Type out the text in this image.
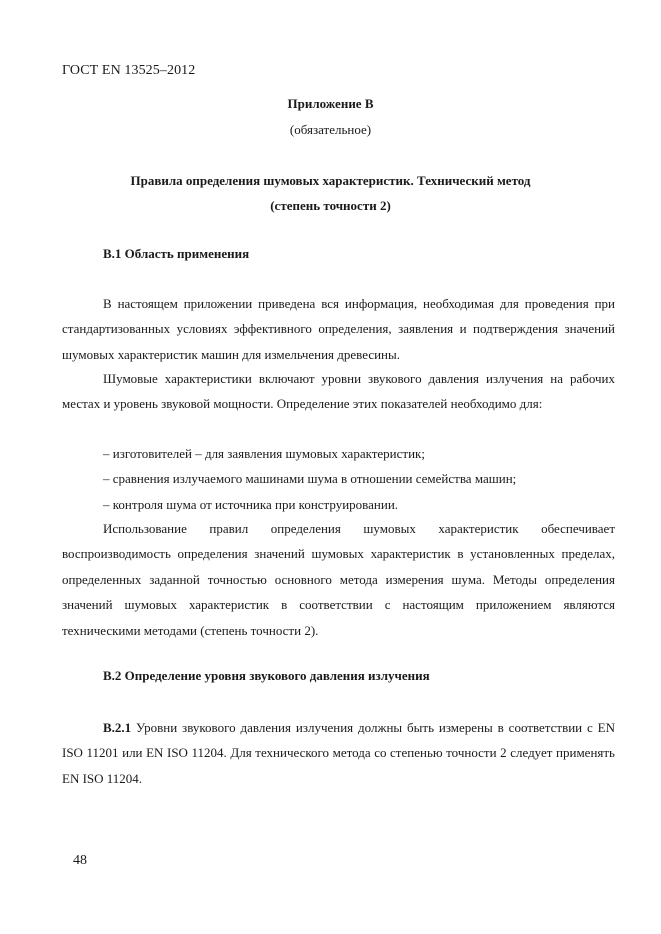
ГОСТ EN 13525–2012
Приложение В
(обязательное)
Правила определения шумовых характеристик. Технический метод
(степень точности 2)
В.1 Область применения

В настоящем приложении приведена вся информация, необходимая для проведения при стандартизованных условиях эффективного определения, заявления и подтверждения значений шумовых характеристик машин для измельчения древесины.

Шумовые характеристики включают уровни звукового давления излучения на рабочих местах и уровень звуковой мощности. Определение этих показателей необходимо для:

– изготовителей – для заявления шумовых характеристик;

– сравнения излучаемого машинами шума в отношении семейства машин;

– контроля шума от источника при конструировании.

Использование правил определения шумовых характеристик обеспечивает воспроизводимость определения значений шумовых характеристик в установленных пределах, определенных заданной точностью основного метода измерения шума. Методы определения значений шумовых характеристик в соответствии с настоящим приложением являются техническими методами (степень точности 2).

В.2 Определение уровня звукового давления излучения

В.2.1 Уровни звукового давления излучения должны быть измерены в соответствии с EN ISO 11201 или EN ISO 11204. Для технического метода со степенью точности 2 следует применять EN ISO 11204.

48
